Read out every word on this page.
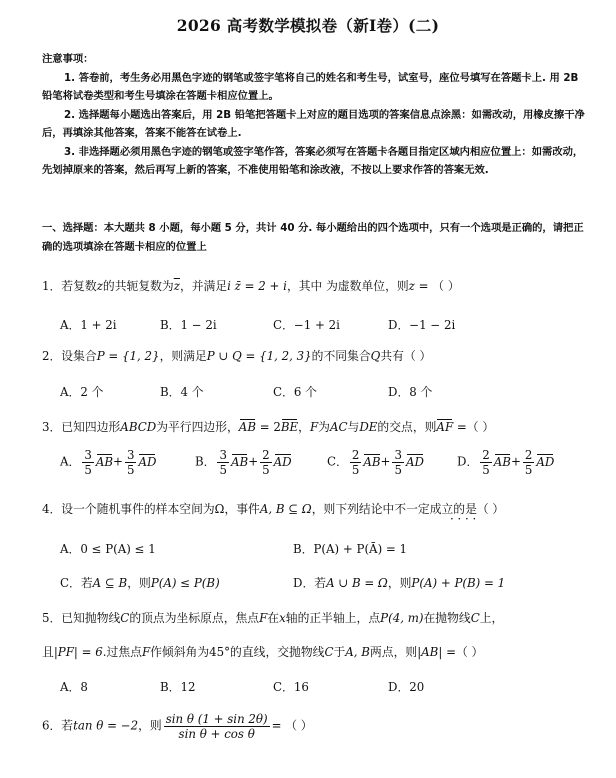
2026 高考数学模拟卷（新Ⅰ卷）(二)

注意事项：

1. 答卷前，考生务必用黑色字迹的钢笔或签字笔将自己的姓名和考生号，试室号，座位号填写在答题卡上. 用 2B 铅笔将试卷类型和考生号填涂在答题卡相应位置上。

2. 选择题每小题选出答案后，用 2B 铅笔把答题卡上对应的题目选项的答案信息点涂黑：如需改动，用橡皮擦干净后，再填涂其他答案，答案不能答在试卷上.

3. 非选择题必须用黑色字迹的钢笔或签字笔作答，答案必须写在答题卡各题目指定区域内相应位置上：如需改动，先划掉原来的答案，然后再写上新的答案，不准使用铅笔和涂改液，不按以上要求作答的答案无效.

一、选择题：本大题共 8 小题，每小题 5 分，共计 40 分. 每小题给出的四个选项中，只有一个选项是正确的，请把正确的选项填涂在答题卡相应的位置上
1．若复数z的共轭复数为$\overline{z}$，并满足i z̄ = 2 + i，其中 为虚数单位，则z = （ ）
A．1 + 2i	B．1 − 2i	C．−1 + 2i	D．−1 − 2i
2．设集合P = {1, 2}，则满足P ∪ Q = {1, 2, 3}的不同集合Q共有（ ）
A．2 个	B．4 个	C．6 个	D．8 个
3．已知四边形ABCD为平行四边形，AB = 2BE，F为AC与DE的交点，则AF =（ ）
A． $\frac{3}{5} AB+ \frac{3}{5}$ AD	B． $\frac{3}{5} AB+ \frac{2}{5}$ AD	C． $\frac{2}{5} AB+ \frac{3}{5}$ AD	D． $\frac{2}{5} AB+ \frac{2}{5}$ AD
· · · ·
4．设一个随机事件的样本空间为Ω，事件A, B ⊆ Ω，则下列结论中不一定成立的是（ ）
A．0 ≤ P(A) ≤ 1	B．P(A) + P(Ā) = 1
C．若A ⊆ B，则P(A) ≤ P(B)	D．若A ∪ B = Ω，则P(A) + P(B) = 1
5．已知抛物线C的顶点为坐标原点，焦点F在x轴的正半轴上，点P(4, m)在抛物线C上，
且|PF| = 6.过焦点F作倾斜角为45°的直线，交抛物线C于A, B两点，则|AB| =（ ）
A．8	B．12	C．16	D．20
6．若tan θ = −2，则 $\frac{\text{sin θ (1 + sin 2θ)}}{\text{sin θ + cos θ}}$ = （ ）
